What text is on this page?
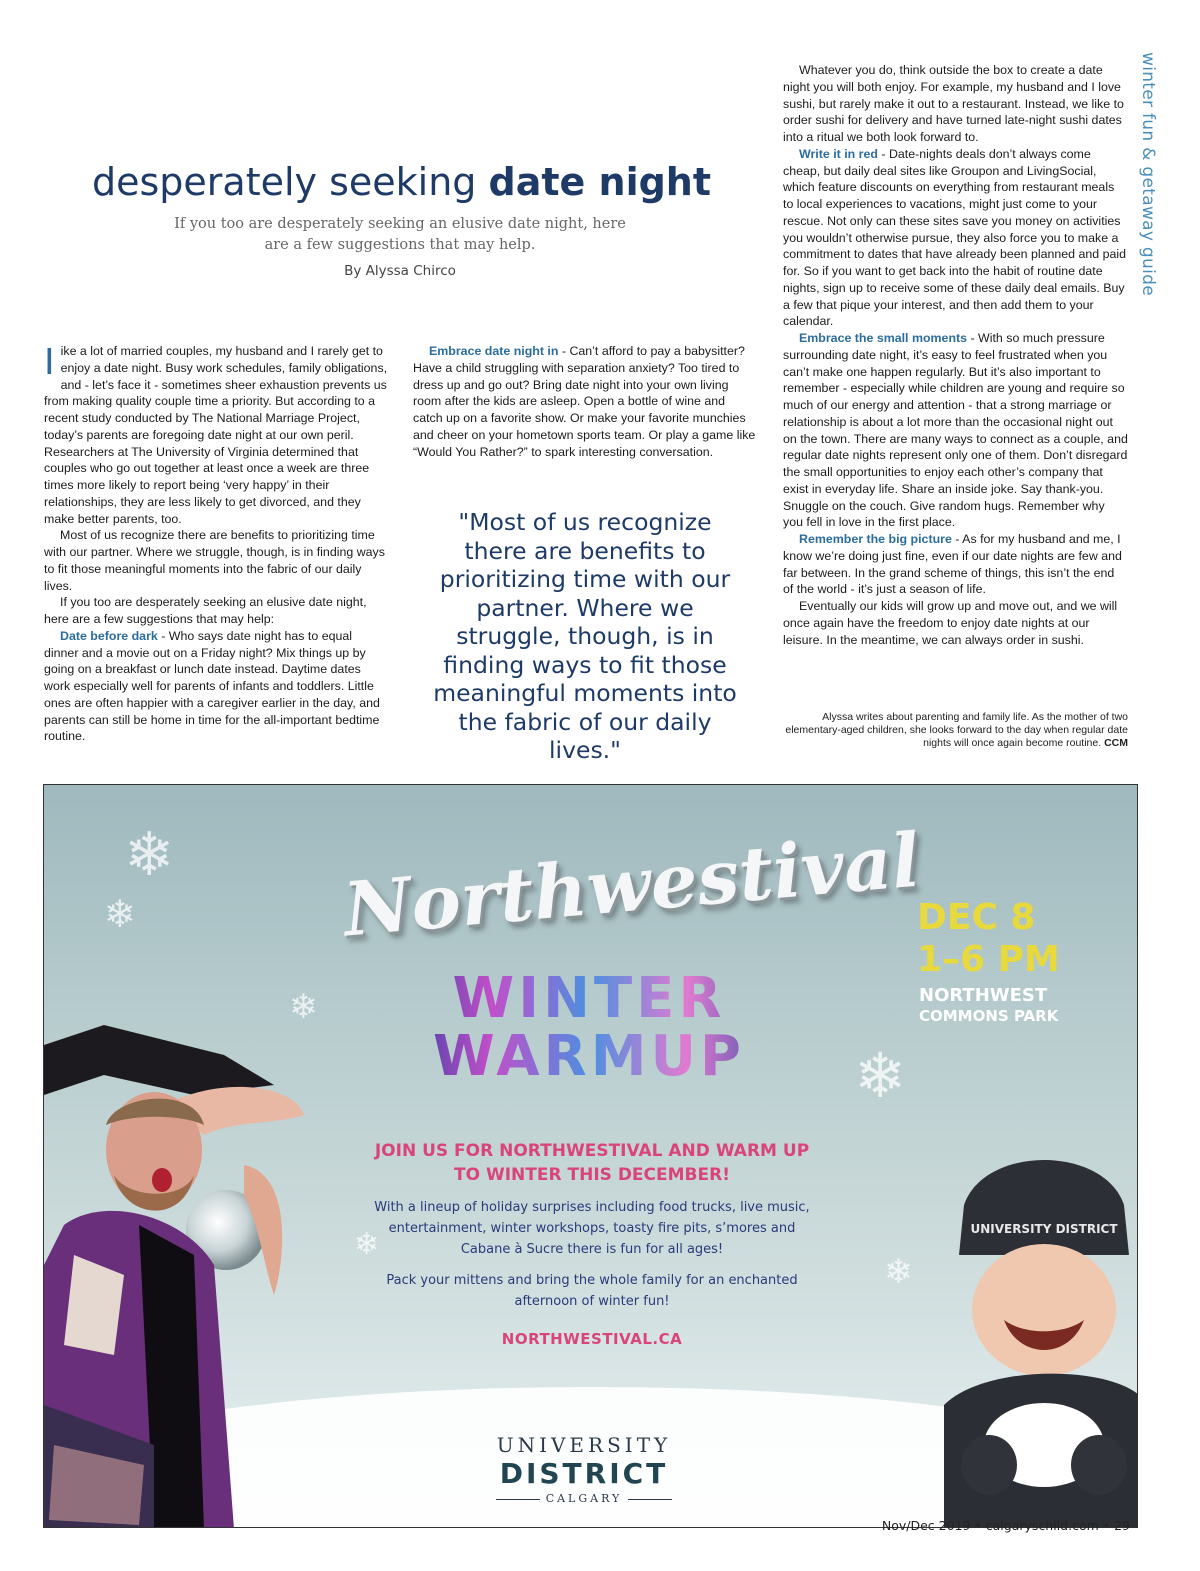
winter fun & getaway guide
desperately seeking date night
If you too are desperately seeking an elusive date night, here are a few suggestions that may help.
By Alyssa Chirco

Iike a lot of married couples, my husband and I rarely get to enjoy a date night. Busy work schedules, family obligations, and - let’s face it - sometimes sheer exhaustion prevents us from making quality couple time a priority. But according to a recent study conducted by The National Marriage Project, today’s parents are foregoing date night at our own peril. Researchers at The University of Virginia determined that couples who go out together at least once a week are three times more likely to report being ‘very happy’ in their relationships, they are less likely to get divorced, and they make better parents, too.

Most of us recognize there are benefits to prioritizing time with our partner. Where we struggle, though, is in finding ways to fit those meaningful moments into the fabric of our daily lives.

If you too are desperately seeking an elusive date night, here are a few suggestions that may help:

Date before dark - Who says date night has to equal dinner and a movie out on a Friday night? Mix things up by going on a breakfast or lunch date instead. Daytime dates work especially well for parents of infants and toddlers. Little ones are often happier with a caregiver earlier in the day, and parents can still be home in time for the all-important bedtime routine.

Embrace date night in - Can’t afford to pay a babysitter? Have a child struggling with separation anxiety? Too tired to dress up and go out? Bring date night into your own living room after the kids are asleep. Open a bottle of wine and catch up on a favorite show. Or make your favorite munchies and cheer on your hometown sports team. Or play a game like “Would You Rather?” to spark interesting conversation.

"Most of us recognize there are benefits to prioritizing time with our partner. Where we struggle, though, is in finding ways to fit those meaningful moments into the fabric of our daily lives."

Whatever you do, think outside the box to create a date night you will both enjoy. For example, my husband and I love sushi, but rarely make it out to a restaurant. Instead, we like to order sushi for delivery and have turned late-night sushi dates into a ritual we both look forward to.

Write it in red - Date-nights deals don’t always come cheap, but daily deal sites like Groupon and LivingSocial, which feature discounts on everything from restaurant meals to local experiences to vacations, might just come to your rescue. Not only can these sites save you money on activities you wouldn’t otherwise pursue, they also force you to make a commitment to dates that have already been planned and paid for. So if you want to get back into the habit of routine date nights, sign up to receive some of these daily deal emails. Buy a few that pique your interest, and then add them to your calendar.

Embrace the small moments - With so much pressure surrounding date night, it’s easy to feel frustrated when you can’t make one happen regularly. But it’s also important to remember - especially while children are young and require so much of our energy and attention - that a strong marriage or relationship is about a lot more than the occasional night out on the town. There are many ways to connect as a couple, and regular date nights represent only one of them. Don’t disregard the small opportunities to enjoy each other’s company that exist in everyday life. Share an inside joke. Say thank-you. Snuggle on the couch. Give random hugs. Remember why you fell in love in the first place.

Remember the big picture - As for my husband and me, I know we’re doing just fine, even if our date nights are few and far between. In the grand scheme of things, this isn’t the end of the world - it’s just a season of life.

Eventually our kids will grow up and move out, and we will once again have the freedom to enjoy date nights at our leisure. In the meantime, we can always order in sushi.

Alyssa writes about parenting and family life. As the mother of two elementary-aged children, she looks forward to the day when regular date nights will once again become routine. CCM
❄
❄
❄
❄
❄
❄
Northwestival
WINTER
WARMUP
DEC 8
1–6 PM
NORTHWEST
COMMONS PARK
JOIN US FOR NORTHWESTIVAL AND WARM UP TO WINTER THIS DECEMBER!
With a lineup of holiday surprises including food trucks, live music, entertainment, winter workshops, toasty fire pits, s’mores and Cabane à Sucre there is fun for all ages!
Pack your mittens and bring the whole family for an enchanted afternoon of winter fun!
NORTHWESTIVAL.CA
UNIVERSITY
DISTRICT
CALGARY
UNIVERSITY DISTRICT
Nov/Dec 2019 • calgaryschild.com • 29
